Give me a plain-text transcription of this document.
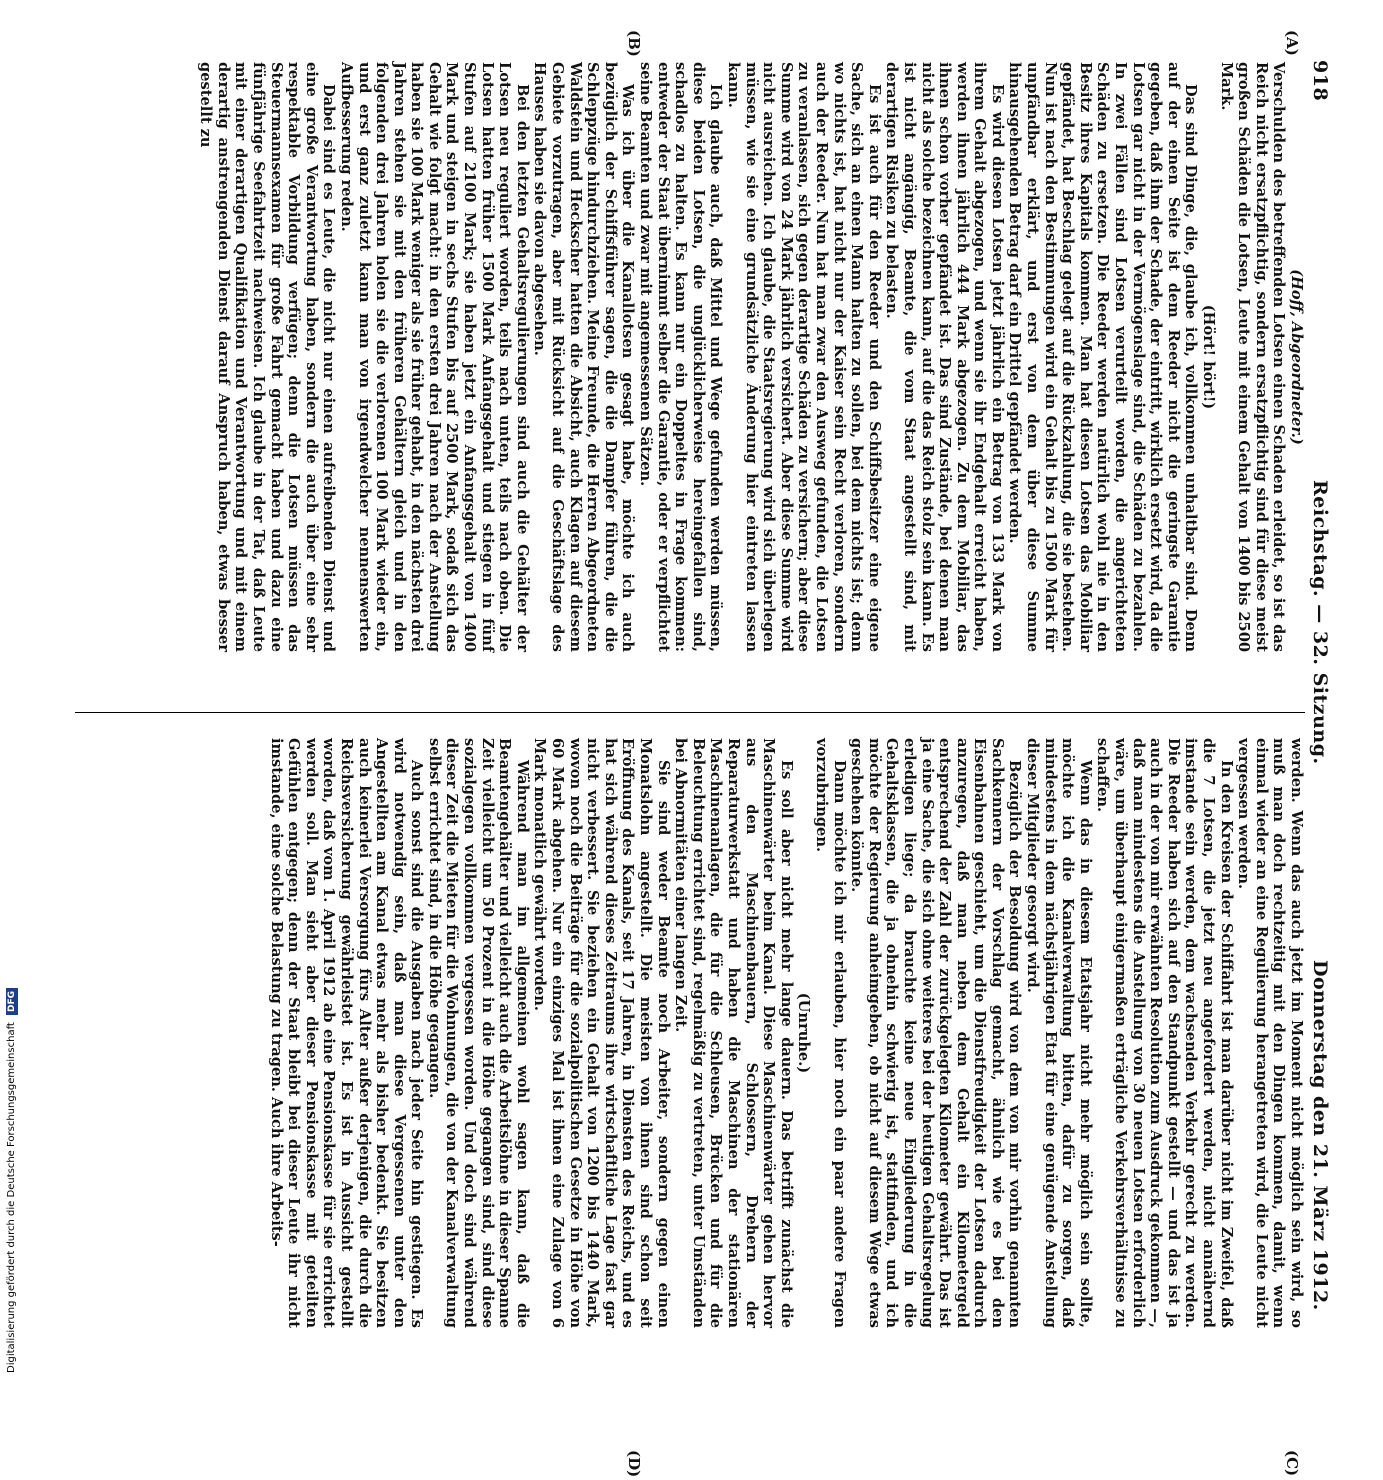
918
Reichstag. — 32. Sitzung.
Donnerstag den 21. März 1912.
(A)
(B)
(C)
(D)

(Hoff, Abgeordneter.)

Verschulden des betreffenden Lotsen einen Schaden erleidet, so ist das Reich nicht ersatzpflichtig, sondern ersatzpflichtig sind für diese meist großen Schäden die Lotsen, Leute mit einem Gehalt von 1400 bis 2500 Mark.

(Hört! hört!)

Das sind Dinge, die, glaube ich, vollkommen unhaltbar sind. Denn auf der einen Seite ist dem Reeder nicht die geringste Garantie gegeben, daß ihm der Schade, der eintritt, wirklich ersetzt wird, da die Lotsen gar nicht in der Vermögenslage sind, die Schäden zu bezahlen. In zwei Fällen sind Lotsen verurteilt worden, die angerichteten Schäden zu ersetzen. Die Reeder werden natürlich wohl nie in den Besitz ihres Kapitals kommen. Man hat diesen Lotsen das Mobiliar gepfändet, hat Beschlag gelegt auf die Rückzahlung, die sie bestehen. Nun ist nach den Bestimmungen wird ein Gehalt bis zu 1500 Mark für unpfändbar erklärt, und erst von dem über diese Summe hinausgehenden Betrag darf ein Drittel gepfändet werden.

Es wird diesen Lotsen jetzt jährlich ein Betrag von 133 Mark von ihrem Gehalt abgezogen, und wenn sie ihr Endgehalt erreicht haben, werden ihnen jährlich 444 Mark abgezogen. Zu dem Mobiliar, das ihnen schon vorher gepfändet ist. Das sind Zustände, bei denen man nicht als solche bezeichnen kann, auf die das Reich stolz sein kann. Es ist nicht angängig, Beamte, die vom Staat angestellt sind, mit derartigen Risiken zu belasten.

Es ist auch für den Reeder und den Schiffsbesitzer eine eigene Sache, sich an einen Mann halten zu sollen, bei dem nichts ist; denn wo nichts ist, hat nicht nur der Kaiser sein Recht verloren, sondern auch der Reeder. Nun hat man zwar den Ausweg gefunden, die Lotsen zu veranlassen, sich gegen derartige Schäden zu versichern; aber diese Summe wird von 24 Mark jährlich versichert. Aber diese Summe wird nicht ausreichen. Ich glaube, die Staatsregierung wird sich überlegen müssen, wie sie eine grundsätzliche Änderung hier eintreten lassen kann.

Ich glaube auch, daß Mittel und Wege gefunden werden müssen, diese beiden Lotsen, die unglücklicherweise hereingefallen sind, schadlos zu halten. Es kann nur ein Doppeltes in Frage kommen: entweder der Staat übernimmt selber die Garantie, oder er verpflichtet seine Beamten und zwar mit angemessenen Sätzen.

Was ich über die Kanallotsen gesagt habe, möchte ich auch bezüglich der Schiffsführer sagen, die die Dampfer führen, die die Schleppzüge hindurchziehen. Meine Freunde, die Herren Abgeordneten Waldstein und Heckscher hatten die Absicht, auch Klagen auf diesem Gebiete vorzutragen, aber mit Rücksicht auf die Geschäftslage des Hauses haben sie davon abgesehen.

Bei den letzten Gehaltsregulierungen sind auch die Gehälter der Lotsen neu reguliert worden, teils nach unten, teils nach oben. Die Lotsen hatten früher 1500 Mark Anfangsgehalt und stiegen in fünf Stufen auf 2100 Mark; sie haben jetzt ein Anfangsgehalt von 1400 Mark und steigen in sechs Stufen bis auf 2500 Mark, sodaß sich das Gehalt wie folgt macht: in den ersten drei Jahren nach der Anstellung haben sie 100 Mark weniger als sie früher gehabt, in den nächsten drei Jahren stehen sie mit den früheren Gehältern gleich und in den folgenden drei Jahren holen sie die verlorenen 100 Mark wieder ein, und erst ganz zuletzt kann man von irgendwelcher nennenswerten Aufbesserung reden.

Dabei sind es Leute, die nicht nur einen aufreibenden Dienst und eine große Verantwortung haben, sondern die auch über eine sehr respektable Vorbildung verfügen; denn die Lotsen müssen das Steuermannsexamen für große Fahrt gemacht haben und dazu eine fünfjährige Seefahrtzeit nachweisen. Ich glaube in der Tat, daß Leute mit einer derartigen Qualifikation und Verantwortung und mit einem derartig anstrengenden Dienst darauf Anspruch haben, etwas besser gestellt zu

werden. Wenn das auch jetzt im Moment nicht möglich sein wird, so muß man doch rechtzeitig mit den Dingen kommen, damit, wenn einmal wieder an eine Regulierung herangetreten wird, die Leute nicht vergessen werden.

In den Kreisen der Schiffahrt ist man darüber nicht im Zweifel, daß die 7 Lotsen, die jetzt neu angefordert werden, nicht annähernd imstande sein werden, dem wachsenden Verkehr gerecht zu werden. Die Reeder haben sich auf den Standpunkt gestellt — und das ist ja auch in der von mir erwähnten Resolution zum Ausdruck gekommen —, daß man mindestens die Anstellung von 30 neuen Lotsen erforderlich wäre, um überhaupt einigermaßen erträgliche Verkehrsverhältnisse zu schaffen.

Wenn das in diesem Etatsjahr nicht mehr möglich sein sollte, möchte ich die Kanalverwaltung bitten, dafür zu sorgen, daß mindestens in dem nächstjährigen Etat für eine genügende Anstellung dieser Mitglieder gesorgt wird.

Bezüglich der Besoldung wird von dem von mir vorhin genannten Sachkennern der Vorschlag gemacht, ähnlich wie es bei den Eisenbahnen geschieht, um die Dienstfreudigkeit der Lotsen dadurch anzuregen, daß man neben dem Gehalt ein Kilometergeld entsprechend der Zahl der zurückgelegten Kilometer gewährt. Das ist ja eine Sache, die sich ohne weiteres bei der heutigen Gehaltsregelung erledigen liege; da brauchte keine neue Eingliederung in die Gehaltsklassen, die ja ohnehin schwierig ist, stattfinden, und ich möchte der Regierung anheimgeben, ob nicht auf diesem Wege etwas geschehen könnte.

Dann möchte ich mir erlauben, hier noch ein paar andere Fragen vorzubringen.

(Unruhe.)

Es soll aber nicht mehr lange dauern. Das betrifft zunächst die Maschinenwärter beim Kanal. Diese Maschinenwärter gehen hervor aus den Maschinenbauern, Schlossern, Drehern der Reparaturwerkstatt und haben die Maschinen der stationären Maschinenanlagen, die für die Schleusen, Brücken und für die Beleuchtung errichtet sind, regelmäßig zu vertreten, unter Umständen bei Abnormitäten einer langen Zeit.

Sie sind weder Beamte noch Arbeiter, sondern gegen einen Monatslohn angestellt. Die meisten von ihnen sind schon seit Eröffnung des Kanals, seit 17 Jahren, in Diensten des Reichs, und es hat sich während dieses Zeitraums ihre wirtschaftliche Lage fast gar nicht verbessert. Sie beziehen ein Gehalt von 1200 bis 1440 Mark, wovon noch die Beiträge für die sozialpolitischen Gesetze in Höhe von 60 Mark abgehen. Nur ein einziges Mal ist ihnen eine Zulage von 6 Mark monatlich gewährt worden.

Während man im allgemeinen wohl sagen kann, daß die Beamtengehälter und vielleicht auch die Arbeitslöhne in dieser Spanne Zeit vielleicht um 50 Prozent in die Höhe gegangen sind, sind diese sozialgegen vollkommen vergessen worden. Und doch sind während dieser Zeit die Mieten für die Wohnungen, die von der Kanalverwaltung selbst errichtet sind, in die Höhe gegangen.

Auch sonst sind die Ausgaben nach jeder Seite hin gestiegen. Es wird notwendig sein, daß man diese Vergessenen unter den Angestellten am Kanal etwas mehr als bisher bedenkt. Sie besitzen auch keinerlei Versorgung fürs Alter außer derjenigen, die durch die Reichsversicherung gewährleistet ist. Es ist in Aussicht gestellt worden, daß vom 1. April 1912 ab eine Pensionskasse für sie errichtet werden soll. Man sieht aber dieser Pensionskasse mit geteilten Gefühlen entgegen; denn der Staat bleibt bei dieser Leute ihr nicht imstande, eine solche Belastung zu tragen. Auch ihre Arbeits-

Digitalisierung gefördert durch die Deutsche Forschungsgemeinschaft DFG
